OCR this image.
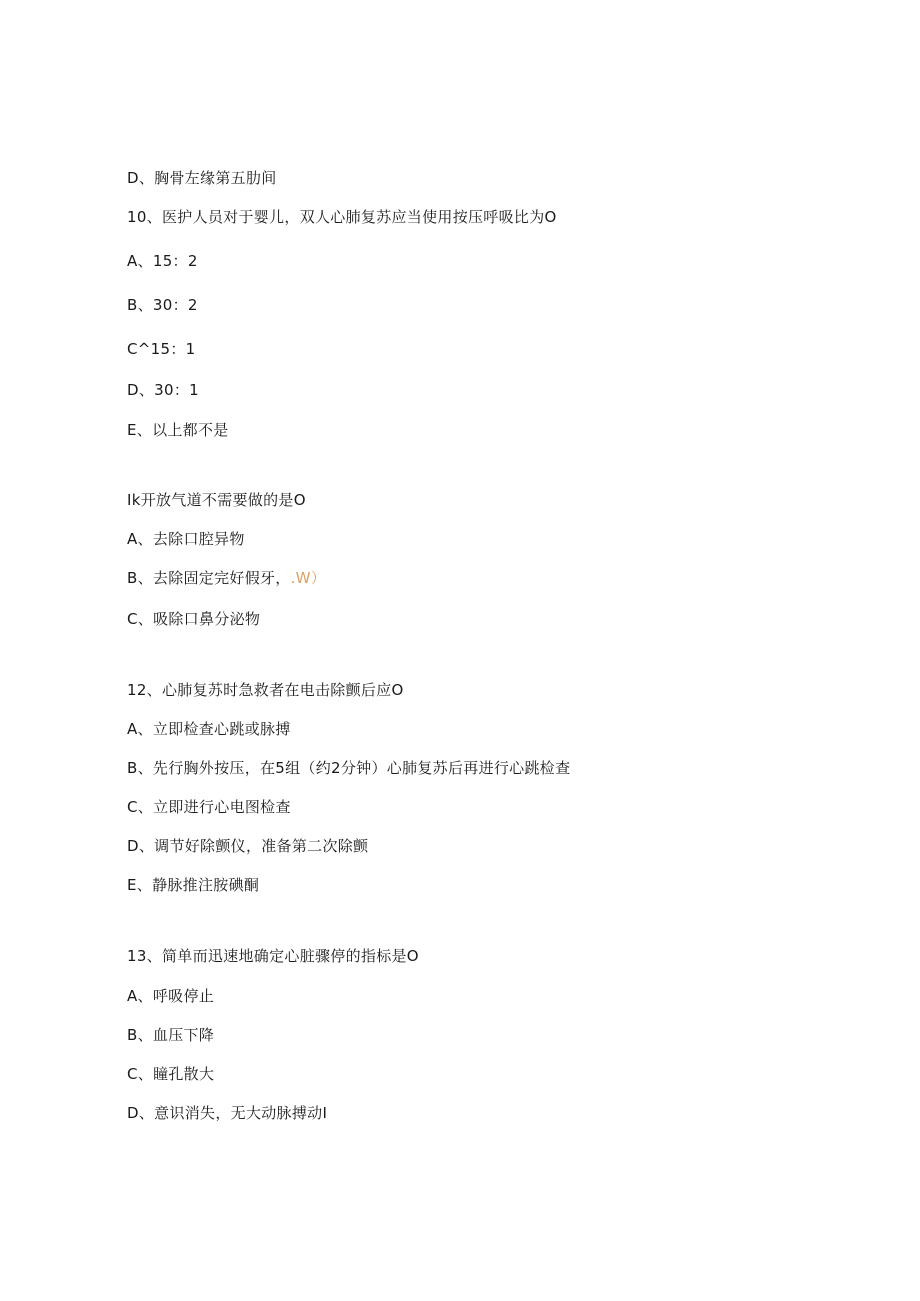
D、胸骨左缘第五肋间
10、医护人员对于婴儿，双人心肺复苏应当使用按压呼吸比为O
A、15：2
B、30：2
C^15：1
D、30：1
E、以上都不是
Ik开放气道不需要做的是O
A、去除口腔异物
B、去除固定完好假牙，.W）
C、吸除口鼻分泌物
12、心肺复苏时急救者在电击除颤后应O
A、立即检查心跳或脉搏
B、先行胸外按压，在5组（约2分钟）心肺复苏后再进行心跳检查
C、立即进行心电图检查
D、调节好除颤仪，准备第二次除颤
E、静脉推注胺碘酮
13、简单而迅速地确定心脏骤停的指标是O
A、呼吸停止
B、血压下降
C、瞳孔散大
D、意识消失，无大动脉搏动I
